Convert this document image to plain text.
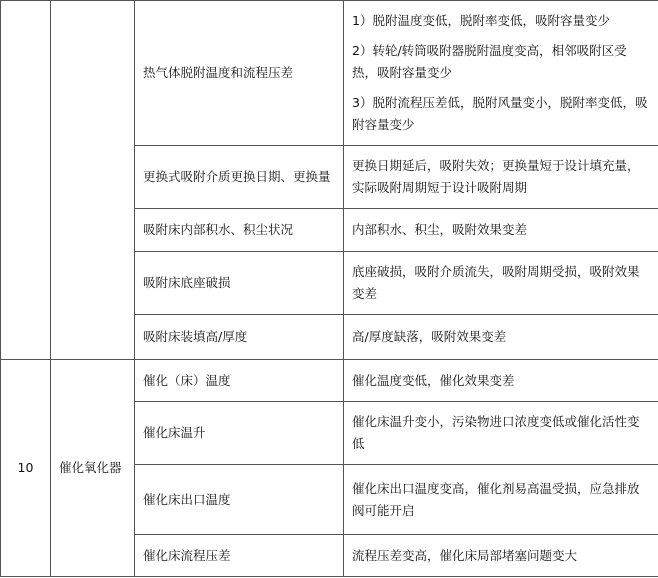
		热气体脱附温度和流程压差	1）脱附温度变低，脱附率变低，吸附容量变少
2）转轮/转筒吸附器脱附温度变高，相邻吸附区受热，吸附容量变少
3）脱附流程压差低，脱附风量变小，脱附率变低，吸附容量变少

		更换式吸附介质更换日期、更换量	更换日期延后，吸附失效；更换量短于设计填充量，实际吸附周期短于设计吸附周期
		吸附床内部积水、积尘状况	内部积水、积尘，吸附效果变差
		吸附床底座破损	底座破损，吸附介质流失，吸附周期受损，吸附效果变差
		吸附床装填高/厚度	高/厚度缺落，吸附效果变差
10	催化氧化器	催化（床）温度	催化温度变低，催化效果变差
		催化床温升	催化床温升变小，污染物进口浓度变低或催化活性变低
		催化床出口温度	催化床出口温度变高，催化剂易高温受损，应急排放阀可能开启
		催化床流程压差	流程压差变高，催化床局部堵塞问题变大
